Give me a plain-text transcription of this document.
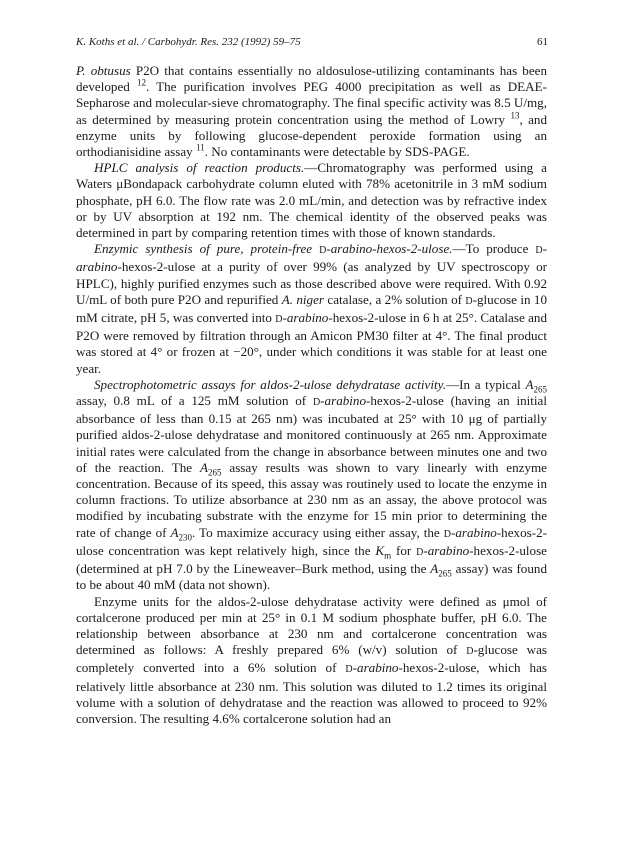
K. Koths et al. / Carbohydr. Res. 232 (1992) 59–75	61

P. obtusus P2O that contains essentially no aldosulose-utilizing contaminants has been developed $^{12}$. The purification involves PEG 4000 precipitation as well as DEAE-Sepharose and molecular-sieve chromatography. The final specific activity was 8.5 U/mg, as determined by measuring protein concentration using the method of Lowry $^{13}$, and enzyme units by following glucose-dependent peroxide formation using an orthodianisidine assay $^{11}$. No contaminants were detectable by SDS-PAGE.

HPLC analysis of reaction products.—Chromatography was performed using a Waters μBondapack carbohydrate column eluted with 78% acetonitrile in 3 mM sodium phosphate, pH 6.0. The flow rate was 2.0 mL/min, and detection was by refractive index or by UV absorption at 192 nm. The chemical identity of the observed peaks was determined in part by comparing retention times with those of known standards.

Enzymic synthesis of pure, protein-free D-arabino-hexos-2-ulose.—To produce D-arabino-hexos-2-ulose at a purity of over 99% (as analyzed by UV spectroscopy or HPLC), highly purified enzymes such as those described above were required. With 0.92 U/mL of both pure P2O and repurified A. niger catalase, a 2% solution of D-glucose in 10 mM citrate, pH 5, was converted into D-arabino-hexos-2-ulose in 6 h at 25°. Catalase and P2O were removed by filtration through an Amicon PM30 filter at 4°. The final product was stored at 4° or frozen at −20°, under which conditions it was stable for at least one year.

Spectrophotometric assays for aldos-2-ulose dehydratase activity.—In a typical $A_{265}$ assay, 0.8 mL of a 125 mM solution of D-arabino-hexos-2-ulose (having an initial absorbance of less than 0.15 at 265 nm) was incubated at 25° with 10 μg of partially purified aldos-2-ulose dehydratase and monitored continuously at 265 nm. Approximate initial rates were calculated from the change in absorbance between minutes one and two of the reaction. The $A_{265}$ assay results was shown to vary linearly with enzyme concentration. Because of its speed, this assay was routinely used to locate the enzyme in column fractions. To utilize absorbance at 230 nm as an assay, the above protocol was modified by incubating substrate with the enzyme for 15 min prior to determining the rate of change of $A_{230}$. To maximize accuracy using either assay, the D-arabino-hexos-2-ulose concentration was kept relatively high, since the $K_m$ for D-arabino-hexos-2-ulose (determined at pH 7.0 by the Lineweaver–Burk method, using the $A_{265}$ assay) was found to be about 40 mM (data not shown).

Enzyme units for the aldos-2-ulose dehydratase activity were defined as μmol of cortalcerone produced per min at 25° in 0.1 M sodium phosphate buffer, pH 6.0. The relationship between absorbance at 230 nm and cortalcerone concentration was determined as follows: A freshly prepared 6% (w/v) solution of D-glucose was completely converted into a 6% solution of D-arabino-hexos-2-ulose, which has relatively little absorbance at 230 nm. This solution was diluted to 1.2 times its original volume with a solution of dehydratase and the reaction was allowed to proceed to 92% conversion. The resulting 4.6% cortalcerone solution had an
